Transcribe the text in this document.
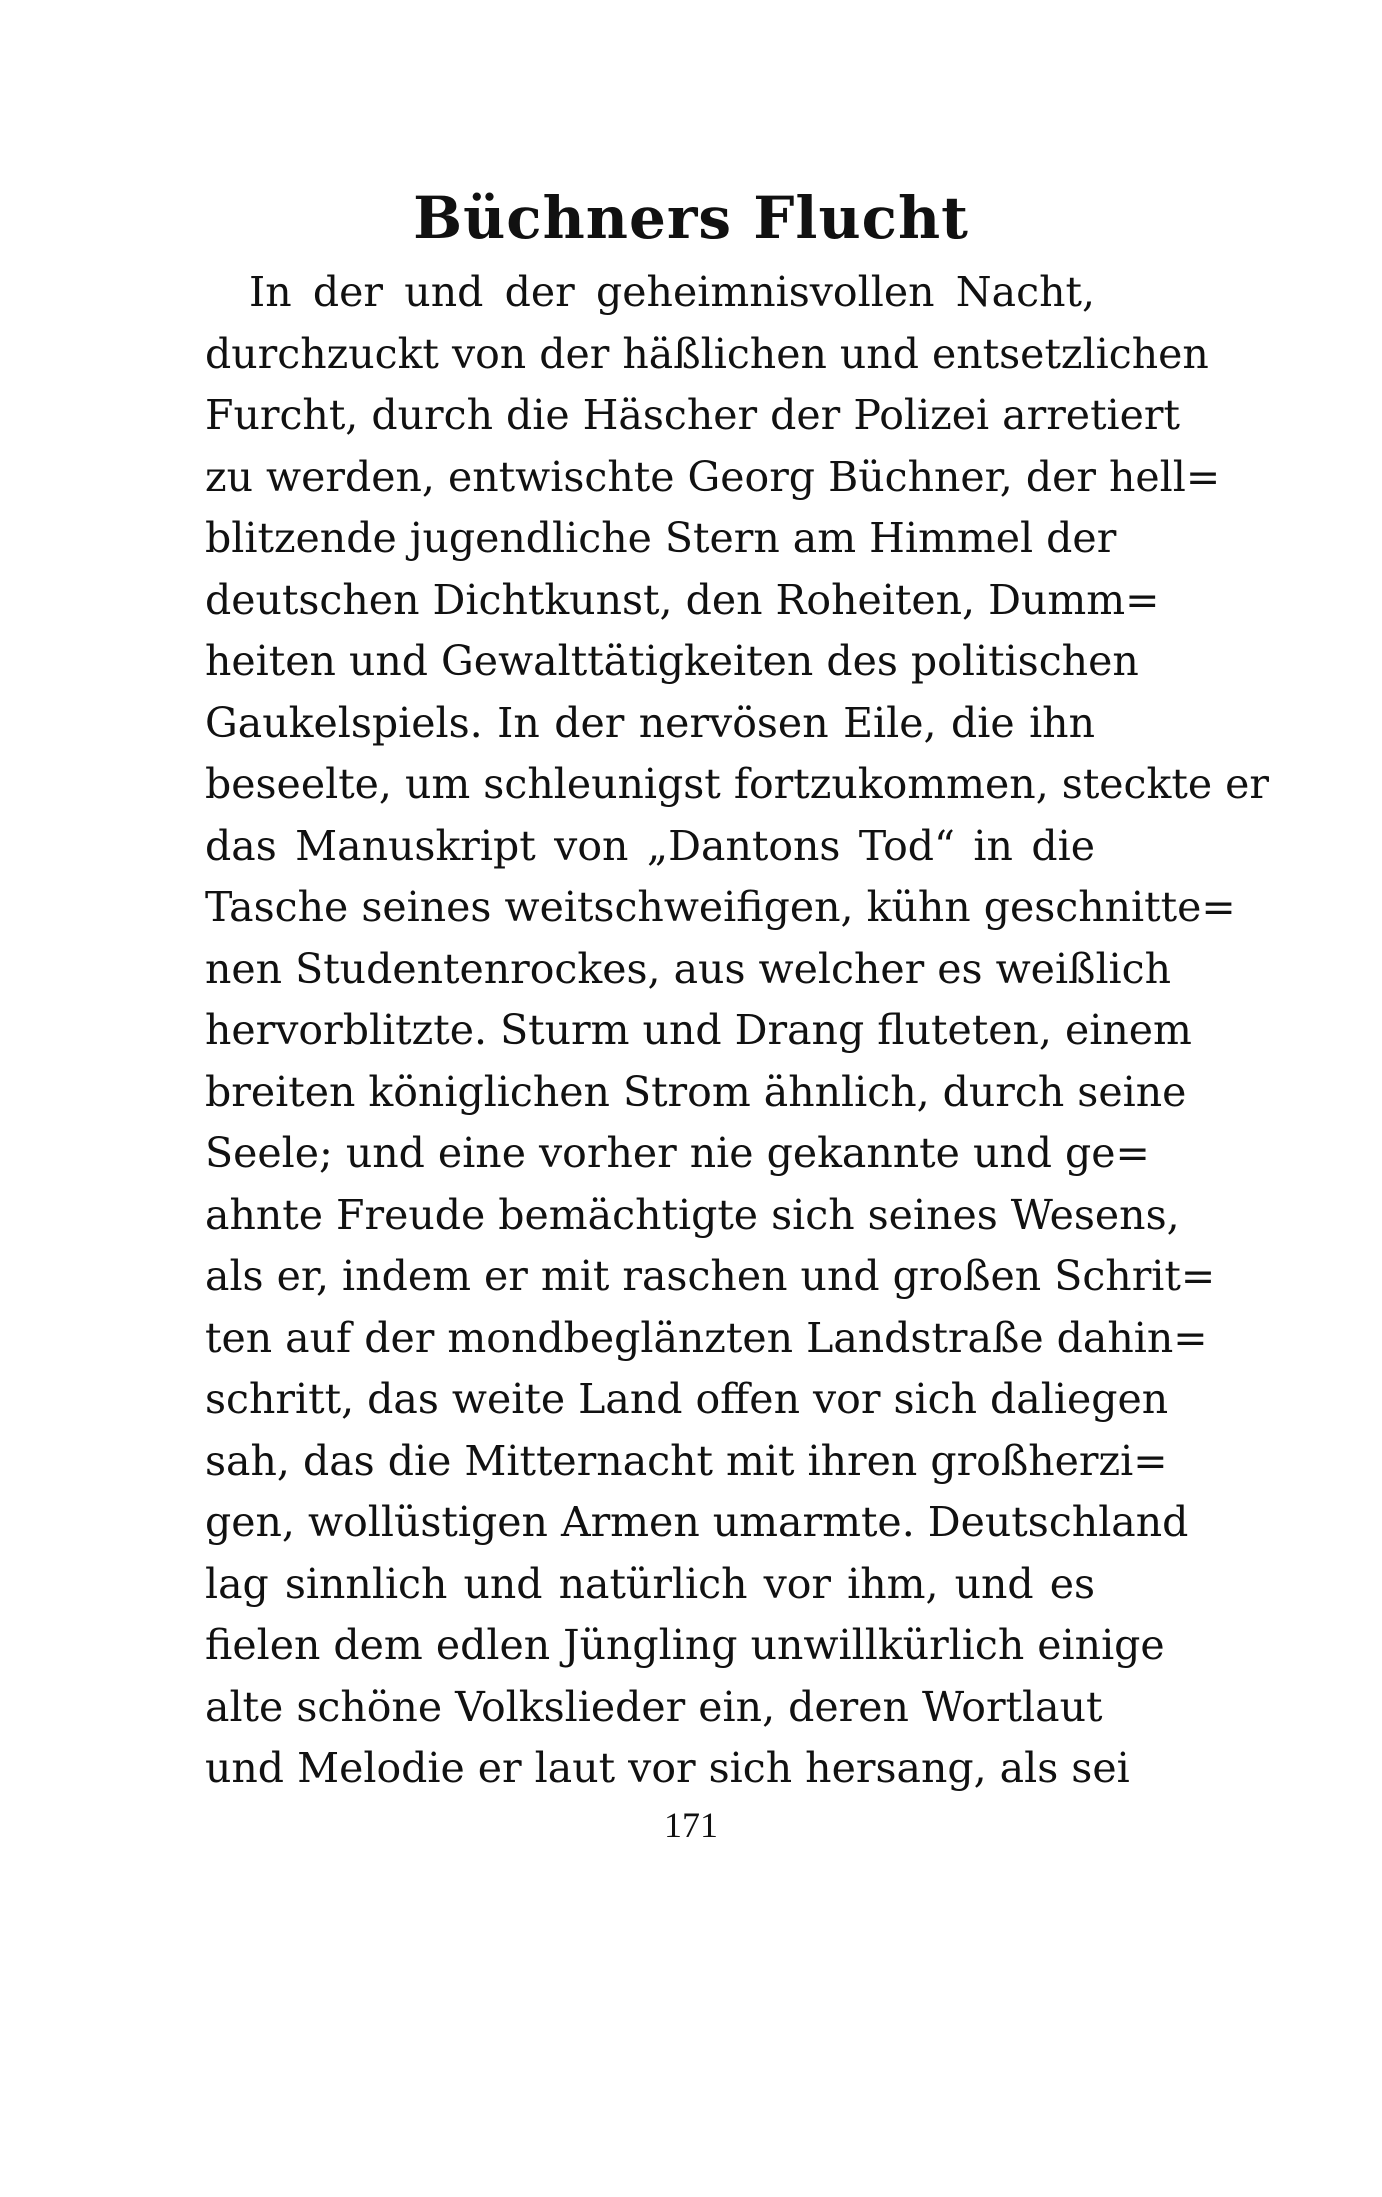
Büchners Flucht
In der und der geheimnisvollen Nacht,
durchzuckt von der häßlichen und entsetzlichen
Furcht, durch die Häscher der Polizei arretiert
zu werden, entwischte Georg Büchner, der hell=
blitzende jugendliche Stern am Himmel der
deutschen Dichtkunst, den Roheiten, Dumm=
heiten und Gewalttätigkeiten des politischen
Gaukelspiels. In der nervösen Eile, die ihn
beseelte, um schleunigst fortzukommen, steckte er
das Manuskript von „Dantons Tod“ in die
Tasche seines weitschweifigen, kühn geschnitte=
nen Studentenrockes, aus welcher es weißlich
hervorblitzte. Sturm und Drang fluteten, einem
breiten königlichen Strom ähnlich, durch seine
Seele; und eine vorher nie gekannte und ge=
ahnte Freude bemächtigte sich seines Wesens,
als er, indem er mit raschen und großen Schrit=
ten auf der mondbeglänzten Landstraße dahin=
schritt, das weite Land offen vor sich daliegen
sah, das die Mitternacht mit ihren großherzi=
gen, wollüstigen Armen umarmte. Deutschland
lag sinnlich und natürlich vor ihm, und es
fielen dem edlen Jüngling unwillkürlich einige
alte schöne Volkslieder ein, deren Wortlaut
und Melodie er laut vor sich hersang, als sei
171
